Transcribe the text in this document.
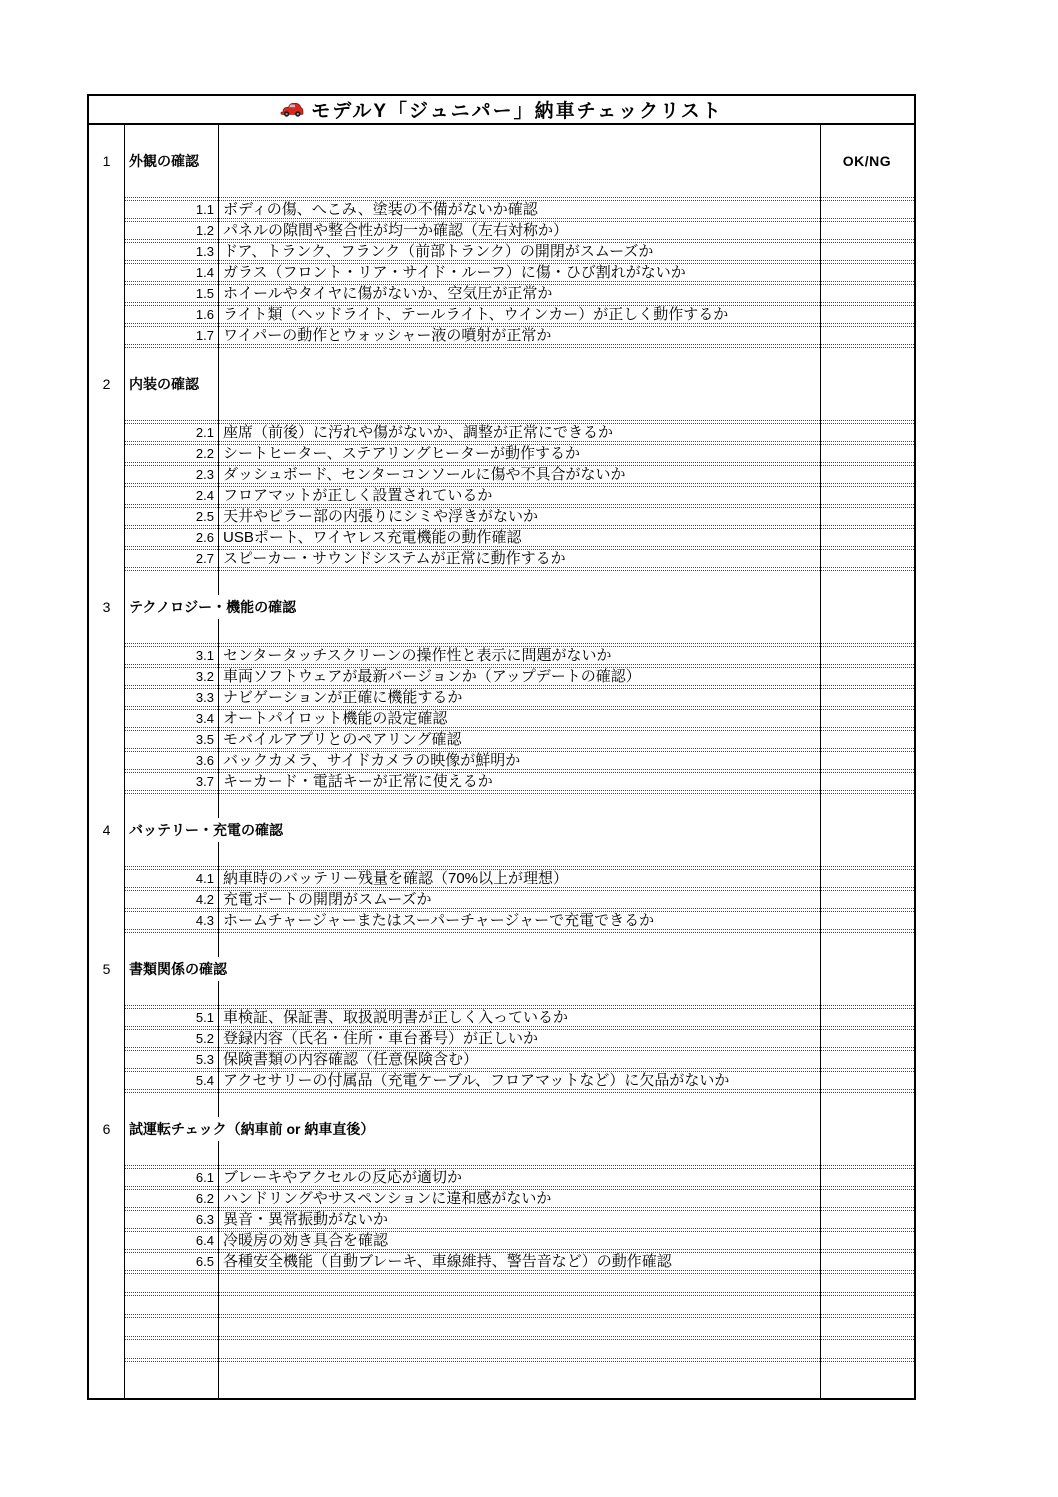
モデルY「ジュニパー」納車チェックリスト
1	外観の確認	OK/NG
1.1 ボディの傷、へこみ、塗装の不備がないか確認
1.2 パネルの隙間や整合性が均一か確認（左右対称か）
1.3 ドア、トランク、フランク（前部トランク）の開閉がスムーズか
1.4 ガラス（フロント・リア・サイド・ルーフ）に傷・ひび割れがないか
1.5 ホイールやタイヤに傷がないか、空気圧が正常か
1.6 ライト類（ヘッドライト、テールライト、ウインカー）が正しく動作するか
1.7 ワイパーの動作とウォッシャー液の噴射が正常か
2	内装の確認
2.1 座席（前後）に汚れや傷がないか、調整が正常にできるか
2.2 シートヒーター、ステアリングヒーターが動作するか
2.3 ダッシュボード、センターコンソールに傷や不具合がないか
2.4 フロアマットが正しく設置されているか
2.5 天井やピラー部の内張りにシミや浮きがないか
2.6 USBポート、ワイヤレス充電機能の動作確認
2.7 スピーカー・サウンドシステムが正常に動作するか
3	テクノロジー・機能の確認
3.1 センタータッチスクリーンの操作性と表示に問題がないか
3.2 車両ソフトウェアが最新バージョンか（アップデートの確認）
3.3 ナビゲーションが正確に機能するか
3.4 オートパイロット機能の設定確認
3.5 モバイルアプリとのペアリング確認
3.6 バックカメラ、サイドカメラの映像が鮮明か
3.7 キーカード・電話キーが正常に使えるか
4	バッテリー・充電の確認
4.1 納車時のバッテリー残量を確認（70%以上が理想）
4.2 充電ポートの開閉がスムーズか
4.3 ホームチャージャーまたはスーパーチャージャーで充電できるか
5	書類関係の確認
5.1 車検証、保証書、取扱説明書が正しく入っているか
5.2 登録内容（氏名・住所・車台番号）が正しいか
5.3 保険書類の内容確認（任意保険含む）
5.4 アクセサリーの付属品（充電ケーブル、フロアマットなど）に欠品がないか
6	試運転チェック（納車前 or 納車直後）
6.1 ブレーキやアクセルの反応が適切か
6.2 ハンドリングやサスペンションに違和感がないか
6.3 異音・異常振動がないか
6.4 冷暖房の効き具合を確認
6.5 各種安全機能（自動ブレーキ、車線維持、警告音など）の動作確認
